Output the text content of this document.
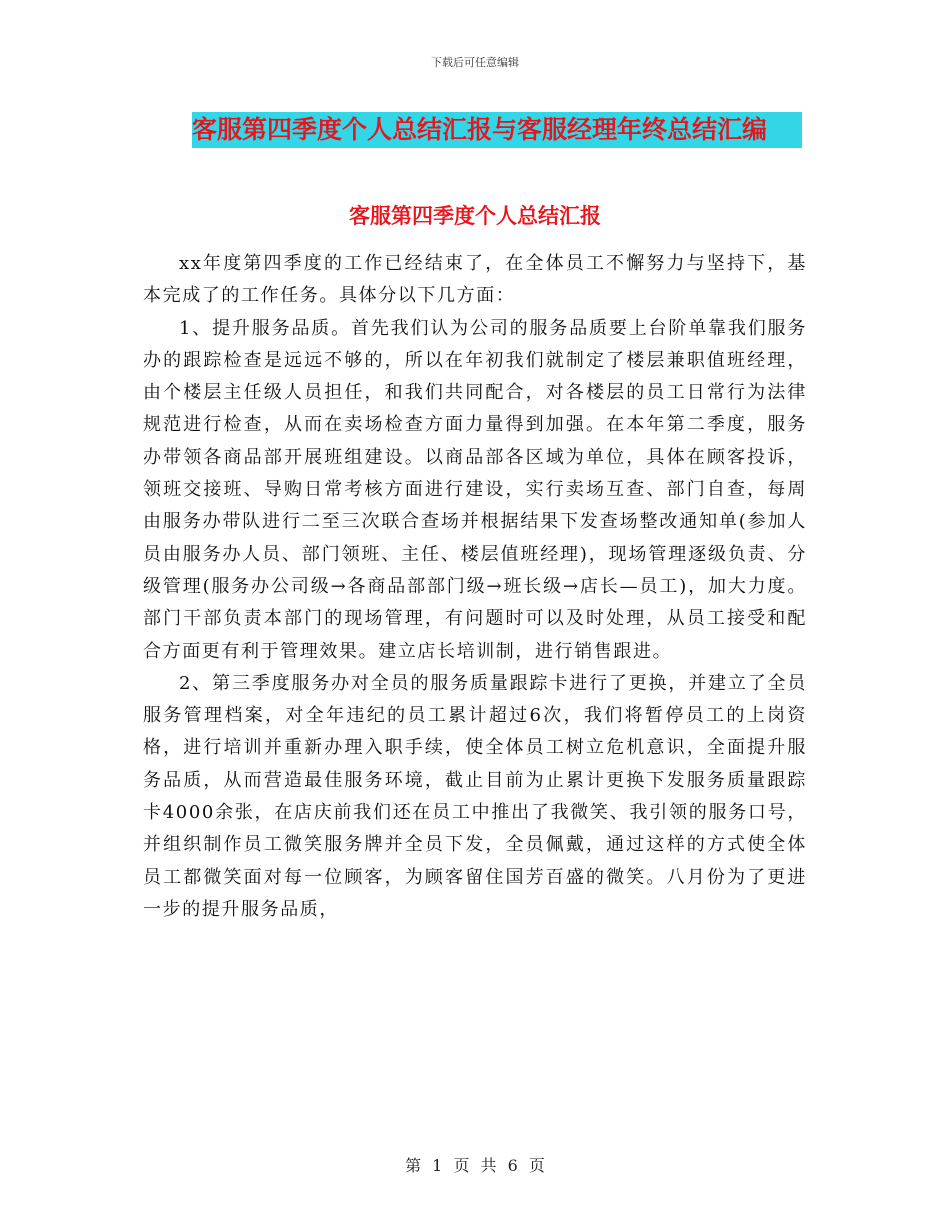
下载后可任意编辑
客服第四季度个人总结汇报与客服经理年终总结汇编
客服第四季度个人总结汇报

xx年度第四季度的工作已经结束了，在全体员工不懈努力与坚持下，基本完成了的工作任务。具体分以下几方面：

1、提升服务品质。首先我们认为公司的服务品质要上台阶单靠我们服务办的跟踪检查是远远不够的，所以在年初我们就制定了楼层兼职值班经理，由个楼层主任级人员担任，和我们共同配合，对各楼层的员工日常行为法律规范进行检查，从而在卖场检查方面力量得到加强。在本年第二季度，服务办带领各商品部开展班组建设。以商品部各区域为单位，具体在顾客投诉，领班交接班、导购日常考核方面进行建设，实行卖场互查、部门自查，每周由服务办带队进行二至三次联合查场并根据结果下发查场整改通知单(参加人员由服务办人员、部门领班、主任、楼层值班经理)，现场管理逐级负责、分级管理(服务办公司级→各商品部部门级→班长级→店长—员工)，加大力度。部门干部负责本部门的现场管理，有问题时可以及时处理，从员工接受和配合方面更有利于管理效果。建立店长培训制，进行销售跟进。

2、第三季度服务办对全员的服务质量跟踪卡进行了更换，并建立了全员服务管理档案，对全年违纪的员工累计超过6次，我们将暂停员工的上岗资格，进行培训并重新办理入职手续，使全体员工树立危机意识，全面提升服务品质，从而营造最佳服务环境，截止目前为止累计更换下发服务质量跟踪卡4000余张，在店庆前我们还在员工中推出了我微笑、我引领的服务口号，并组织制作员工微笑服务牌并全员下发，全员佩戴，通过这样的方式使全体员工都微笑面对每一位顾客，为顾客留住国芳百盛的微笑。八月份为了更进一步的提升服务品质，

第 1 页 共 6 页
